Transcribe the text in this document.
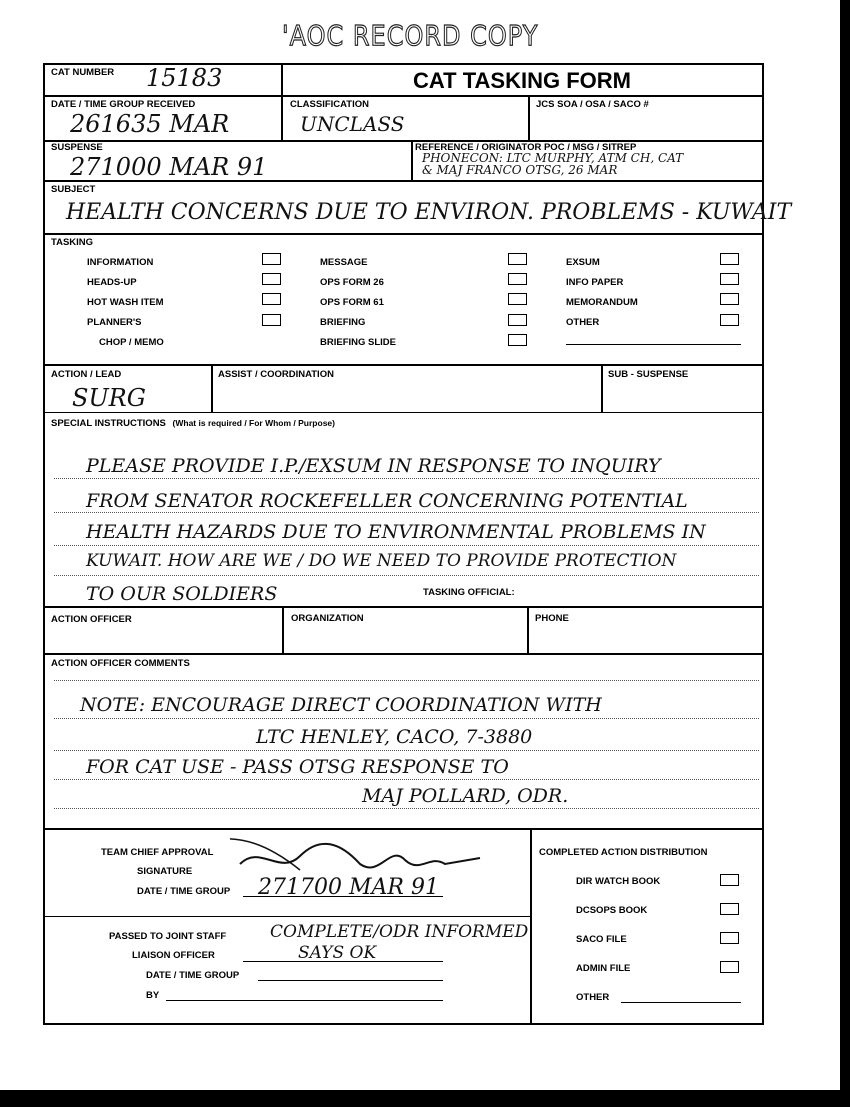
'AOC RECORD COPY
CAT NUMBER 15183	CAT TASKING FORM
DATE / TIME GROUP RECEIVED
261635 MAR
CLASSIFICATION
UNCLASS
JCS SOA / OSA / SACO #
SUSPENSE
271000 MAR 91
REFERENCE / ORIGINATOR POC / MSG / SITREP
PHONECON: LTC MURPHY, ATM CH, CAT
& MAJ FRANCO OTSG, 26 MAR
SUBJECT
HEALTH CONCERNS DUE TO ENVIRON. PROBLEMS - KUWAIT
TASKING
INFORMATION
HEADS-UP
HOT WASH ITEM
PLANNER'S
CHOP / MEMO
MESSAGE
OPS FORM 26
OPS FORM 61
BRIEFING
BRIEFING SLIDE
EXSUM
INFO PAPER
MEMORANDUM
OTHER
ACTION / LEAD
SURG
ASSIST / COORDINATION	SUB - SUSPENSE
SPECIAL INSTRUCTIONS (What is required / For Whom / Purpose)
PLEASE PROVIDE I.P./EXSUM IN RESPONSE TO INQUIRY
FROM SENATOR ROCKEFELLER CONCERNING POTENTIAL
HEALTH HAZARDS DUE TO ENVIRONMENTAL PROBLEMS IN
KUWAIT. HOW ARE WE / DO WE NEED TO PROVIDE PROTECTION
TO OUR SOLDIERS	TASKING OFFICIAL:
ACTION OFFICER	ORGANIZATION	PHONE
ACTION OFFICER COMMENTS
NOTE: ENCOURAGE DIRECT COORDINATION WITH
LTC HENLEY, CACO, 7-3880
FOR CAT USE - PASS OTSG RESPONSE TO
MAJ POLLARD, ODR.
TEAM CHIEF APPROVAL
SIGNATURE
DATE / TIME GROUP 271700 MAR 91
PASSED TO JOINT STAFF	COMPLETE/ODR INFORMED
LIAISON OFFICER	SAYS OK
DATE / TIME GROUP
BY
COMPLETED ACTION DISTRIBUTION
DIR WATCH BOOK
DCSOPS BOOK
SACO FILE
ADMIN FILE
OTHER
